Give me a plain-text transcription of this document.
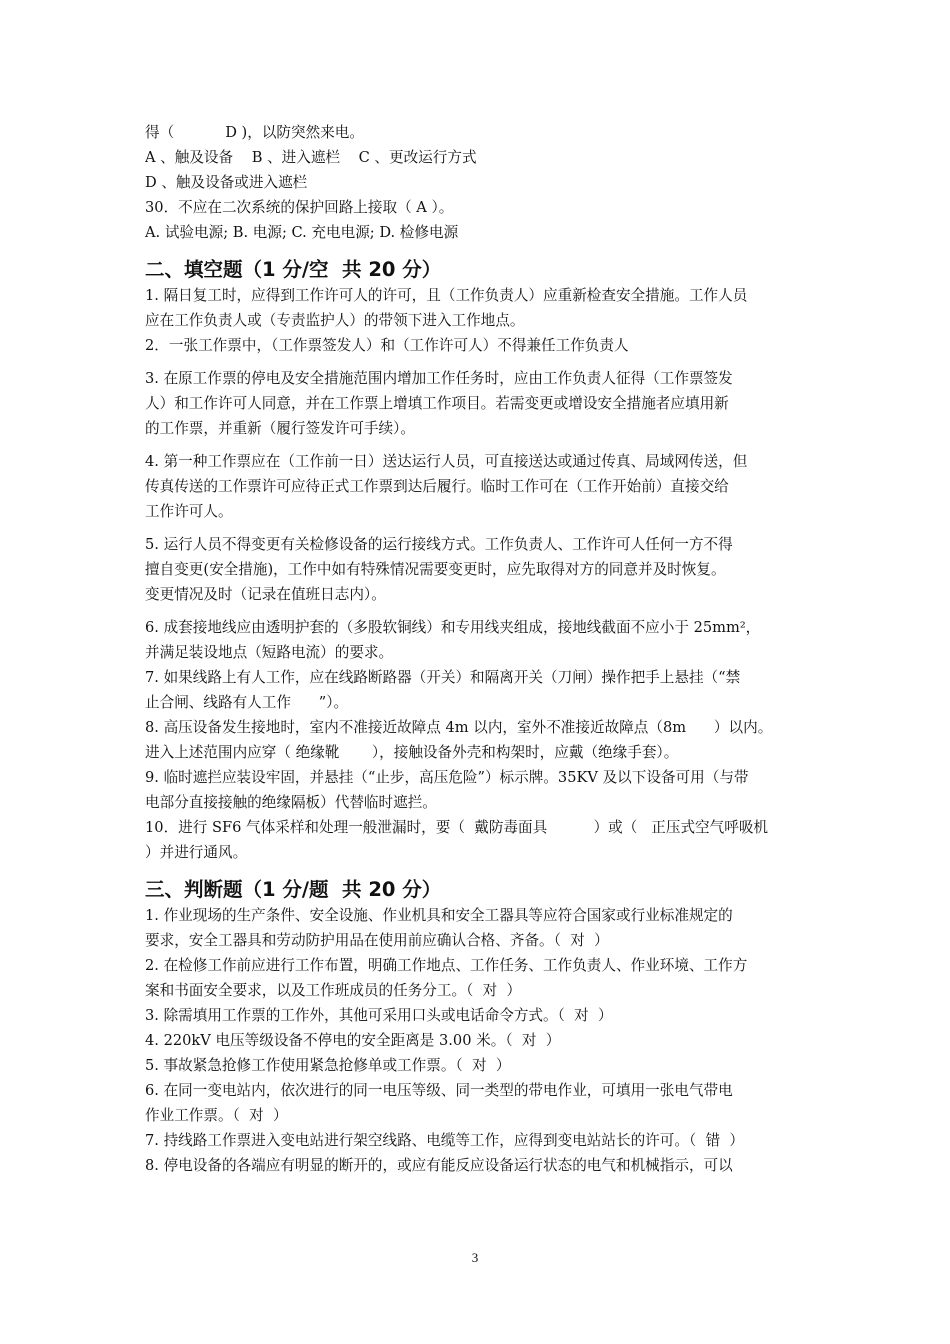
得（           D )，以防突然来电。
A 、触及设备    B 、进入遮栏    C 、更改运行方式
D 、触及设备或进入遮栏
30．不应在二次系统的保护回路上接取（ A ）。
A. 试验电源; B. 电源; C. 充电电源; D. 检修电源
二、填空题（1 分/空  共 20 分）
1. 隔日复工时，应得到工作许可人的许可，且（工作负责人）应重新检查安全措施。工作人员
应在工作负责人或（专责监护人）的带领下进入工作地点。
2．一张工作票中，（工作票签发人）和（工作许可人）不得兼任工作负责人
3. 在原工作票的停电及安全措施范围内增加工作任务时，应由工作负责人征得（工作票签发
人）和工作许可人同意，并在工作票上增填工作项目。若需变更或增设安全措施者应填用新
的工作票，并重新（履行签发许可手续）。
4. 第一种工作票应在（工作前一日）送达运行人员，可直接送达或通过传真、局域网传送，但
传真传送的工作票许可应待正式工作票到达后履行。临时工作可在（工作开始前）直接交给
工作许可人。
5. 运行人员不得变更有关检修设备的运行接线方式。工作负责人、工作许可人任何一方不得
擅自变更(安全措施)，工作中如有特殊情况需要变更时，应先取得对方的同意并及时恢复。
变更情况及时（记录在值班日志内）。
6. 成套接地线应由透明护套的（多股软铜线）和专用线夹组成，接地线截面不应小于 25mm²，
并满足装设地点（短路电流）的要求。
7. 如果线路上有人工作，应在线路断路器（开关）和隔离开关（刀闸）操作把手上悬挂（“禁
止合闸、线路有人工作      ”）。
8. 高压设备发生接地时，室内不准接近故障点 4m 以内，室外不准接近故障点（8m      ）以内。
进入上述范围内应穿（ 绝缘靴       ），接触设备外壳和构架时，应戴（绝缘手套）。
9. 临时遮拦应装设牢固，并悬挂（“止步，高压危险”）标示牌。35KV 及以下设备可用（与带
电部分直接接触的绝缘隔板）代替临时遮拦。
10．进行 SF6 气体采样和处理一般泄漏时，要（  戴防毒面具          ）或（   正压式空气呼吸机
）并进行通风。
三、判断题（1 分/题  共 20 分）
1. 作业现场的生产条件、安全设施、作业机具和安全工器具等应符合国家或行业标准规定的
要求，安全工器具和劳动防护用品在使用前应确认合格、齐备。（  对  ）
2. 在检修工作前应进行工作布置，明确工作地点、工作任务、工作负责人、作业环境、工作方
案和书面安全要求，以及工作班成员的任务分工。（  对  ）
3. 除需填用工作票的工作外，其他可采用口头或电话命令方式。（  对  ）
4. 220kV 电压等级设备不停电的安全距离是 3.00 米。（  对  ）
5. 事故紧急抢修工作使用紧急抢修单或工作票。（  对  ）
6. 在同一变电站内，依次进行的同一电压等级、同一类型的带电作业，可填用一张电气带电
作业工作票。（  对  ）
7. 持线路工作票进入变电站进行架空线路、电缆等工作，应得到变电站站长的许可。（  错  ）
8. 停电设备的各端应有明显的断开的，或应有能反应设备运行状态的电气和机械指示，可以
3
